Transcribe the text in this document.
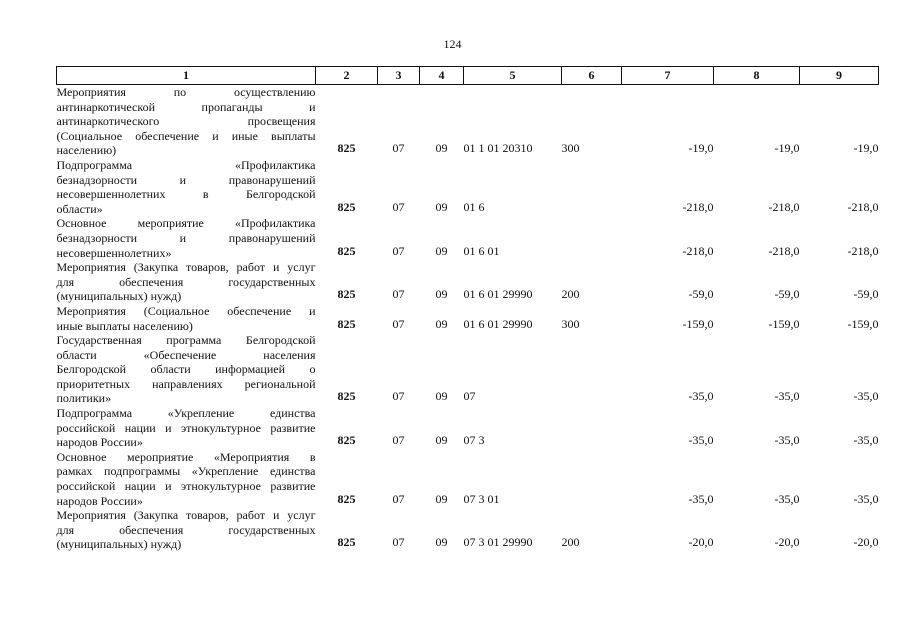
124
1	2	3	4	5	6	7	8	9

Мероприятия по осуществлению
антинаркотической пропаганды и
антинаркотического просвещения
(Социальное обеспечение и иные выплаты
населению)	825	07	09	01 1 01 20310	300	-19,0	-19,0	-19,0

Подпрограмма «Профилактика
безнадзорности и правонарушений
несовершеннолетних в Белгородской
области»	825	07	09	01 6		-218,0	-218,0	-218,0

Основное мероприятие «Профилактика
безнадзорности и правонарушений
несовершеннолетних»	825	07	09	01 6 01		-218,0	-218,0	-218,0

Мероприятия (Закупка товаров, работ и услуг
для обеспечения государственных
(муниципальных) нужд)	825	07	09	01 6 01 29990	200	-59,0	-59,0	-59,0

Мероприятия (Социальное обеспечение и
иные выплаты населению)	825	07	09	01 6 01 29990	300	-159,0	-159,0	-159,0

Государственная программа Белгородской
области «Обеспечение населения
Белгородской области информацией о
приоритетных направлениях региональной
политики»	825	07	09	07		-35,0	-35,0	-35,0

Подпрограмма «Укрепление единства
российской нации и этнокультурное развитие
народов России»	825	07	09	07 3		-35,0	-35,0	-35,0

Основное мероприятие «Мероприятия в
рамках подпрограммы «Укрепление единства
российской нации и этнокультурное развитие
народов России»	825	07	09	07 3 01		-35,0	-35,0	-35,0

Мероприятия (Закупка товаров, работ и услуг
для обеспечения государственных
(муниципальных) нужд)	825	07	09	07 3 01 29990	200	-20,0	-20,0	-20,0
